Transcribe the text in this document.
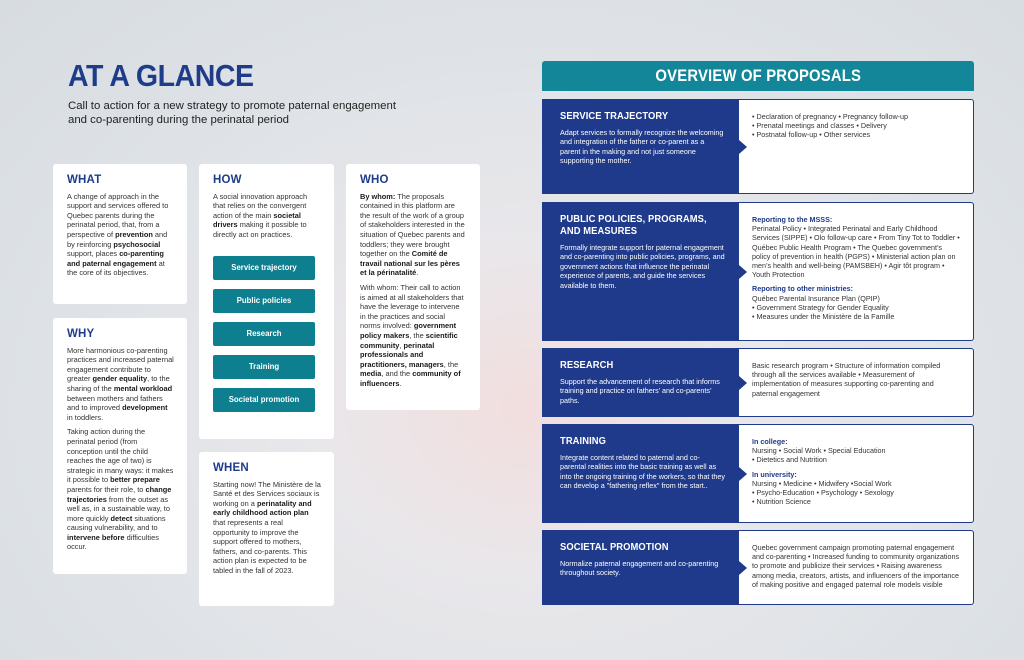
AT A GLANCE

Call to action for a new strategy to promote paternal engagement and co-parenting during the perinatal period

WHAT

A change of approach in the support and services offered to Quebec parents during the perinatal period, that, from a perspective of prevention and by reinforcing psychosocial support, places co-parenting and paternal engagement at the core of its objectives.

WHY

More harmonious co-parenting practices and increased paternal engagement contribute to greater gender equality, to the sharing of the mental workload between mothers and fathers and to improved development in toddlers.

Taking action during the perinatal period (from conception until the child reaches the age of two) is strategic in many ways: it makes it possible to better prepare parents for their role, to change trajectories from the outset as well as, in a sustainable way, to more quickly detect situations causing vulnerability, and to intervene before difficulties occur.

HOW

A social innovation approach that relies on the convergent action of the main societal drivers making it possible to directly act on practices.

Service trajectory
Public policies
Research
Training
Societal promotion
WHEN

Starting now! The Ministère de la Santé et des Services sociaux is working on a perinatality and early childhood action plan that represents a real opportunity to improve the support offered to mothers, fathers, and co-parents. This action plan is expected to be tabled in the fall of 2023.

WHO

By whom: The proposals contained in this platform are the result of the work of a group of stakeholders interested in the situation of Quebec parents and toddlers; they were brought together on the Comité de travail national sur les pères et la périnatalité.

With whom: Their call to action is aimed at all stakeholders that have the leverage to intervene in the practices and social norms involved: government policy makers, the scientific community, perinatal professionals and practitioners, managers, the media, and the community of influencers.

OVERVIEW OF PROPOSALS
• Declaration of pregnancy • Pregnancy follow-up
• Prenatal meetings and classes • Delivery
• Postnatal follow-up • Other services
SERVICE TRAJECTORY
Adapt services to formally recognize the welcoming and integration of the father or co-parent as a parent in the making and not just someone supporting the mother.
Reporting to the MSSS:
Perinatal Policy • Integrated Perinatal and Early Childhood Services (SIPPE) • Olo follow-up care • From Tiny Tot to Toddler • Québec Public Health Program • The Quebec government’s policy of prevention in health (PGPS) • Ministerial action plan on men’s health and well-being (PAMSBEH) • Agir tôt program • Youth Protection
Reporting to other ministries:
Québec Parental Insurance Plan (QPIP)
• Government Strategy for Gender Equality
• Measures under the Ministère de la Famille
PUBLIC POLICIES, PROGRAMS, AND MEASURES
Formally integrate support for paternal engagement and co-parenting into public policies, programs, and government actions that influence the perinatal experience of parents, and guide the services available to them.
Basic research program • Structure of information compiled through all the services available • Measurement of implementation of measures supporting co-parenting and paternal engagement
RESEARCH
Support the advancement of research that informs training and practice on fathers’ and co-parents’ paths.
In college:
Nursing • Social Work • Special Education
• Dietetics and Nutrition
In university:
Nursing • Medicine • Midwifery •Social Work
• Psycho-Education • Psychology • Sexology
• Nutrition Science
TRAINING
Integrate content related to paternal and co-parental realities into the basic training as well as into the ongoing training of the workers, so that they can develop a "fathering reflex" from the start..
Quebec government campaign promoting paternal engagement and co-parenting • Increased funding to community organizations to promote and publicize their services • Raising awareness among media, creators, artists, and influencers of the importance of making positive and engaged paternal role models visible
SOCIETAL PROMOTION
Normalize paternal engagement and co-parenting throughout society.
